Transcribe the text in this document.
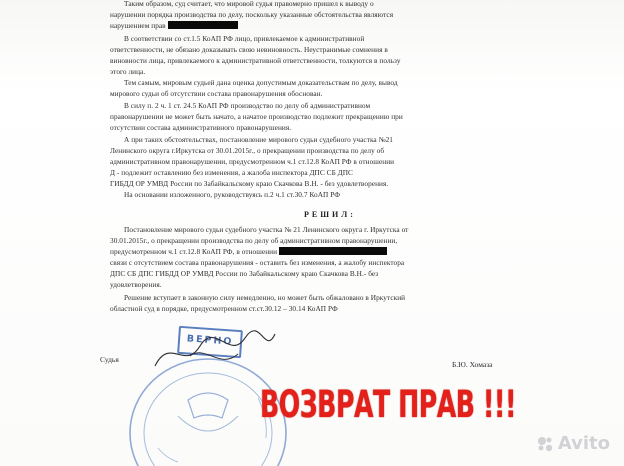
Таким образом, суд считает, что мировой судья правомерно пришел к выводу о
нарушении порядка производства по делу, поскольку указанные обстоятельства являются
нарушением прав
В соответствии со ст.1.5 КоАП РФ лицо, привлекаемое к административной
ответственности, не обязано доказывать свою невиновность. Неустранимые сомнения в
виновности лица, привлекаемого к административной ответственности, толкуются в пользу
этого лица.
Тем самым, мировым судьей дана оценка допустимым доказательствам по делу, вывод
мирового судьи об отсутствии состава правонарушения обоснован.
В силу п. 2 ч. 1 ст. 24.5 КоАП РФ производство по делу об административном
правонарушении не может быть начато, а начатое производство подлежит прекращению при
отсутствии состава административного правонарушения.
А при таких обстоятельствах, постановление мирового судьи судебного участка №21
Ленинского округа г.Иркутска от 30.01.2015г., о прекращении производства по делу об
административном правонарушении, предусмотренном ч.1 ст.12.8 КоАП РФ в отношении
Д - подлежит оставлению без изменения, а жалоба инспектора ДПС СБ ДПС
ГИБДД ОР УМВД России по Забайкальскому краю Скачкова В.Н. - без удовлетворения.
На основании изложенного, руководствуясь п.2 ч.1 ст.30.7 КоАП РФ
РЕШИЛ:
Постановление мирового судьи судебного участка № 21 Ленинского округа г. Иркутска от
30.01.2015г., о прекращении производства по делу об административном правонарушении,
предусмотренном ч.1 ст.12.8 КоАП РФ, в отношении
связи с отсутствием состава правонарушения - оставить без изменения, а жалобу инспектора
ДПС СБ ДПС ГИБДД ОР УМВД России по Забайкальскому краю Скачкова В.Н.- без
удовлетворения.
Решение вступает в законную силу немедленно, но может быть обжаловано в Иркутский
областной суд в порядке, предусмотренном ст.ст.30.12 – 30.14 КоАП РФ
ВЕРНО
Судья
Б.Ю. Хомаза
ВОЗВРАТ ПРАВ !!!
Avito
